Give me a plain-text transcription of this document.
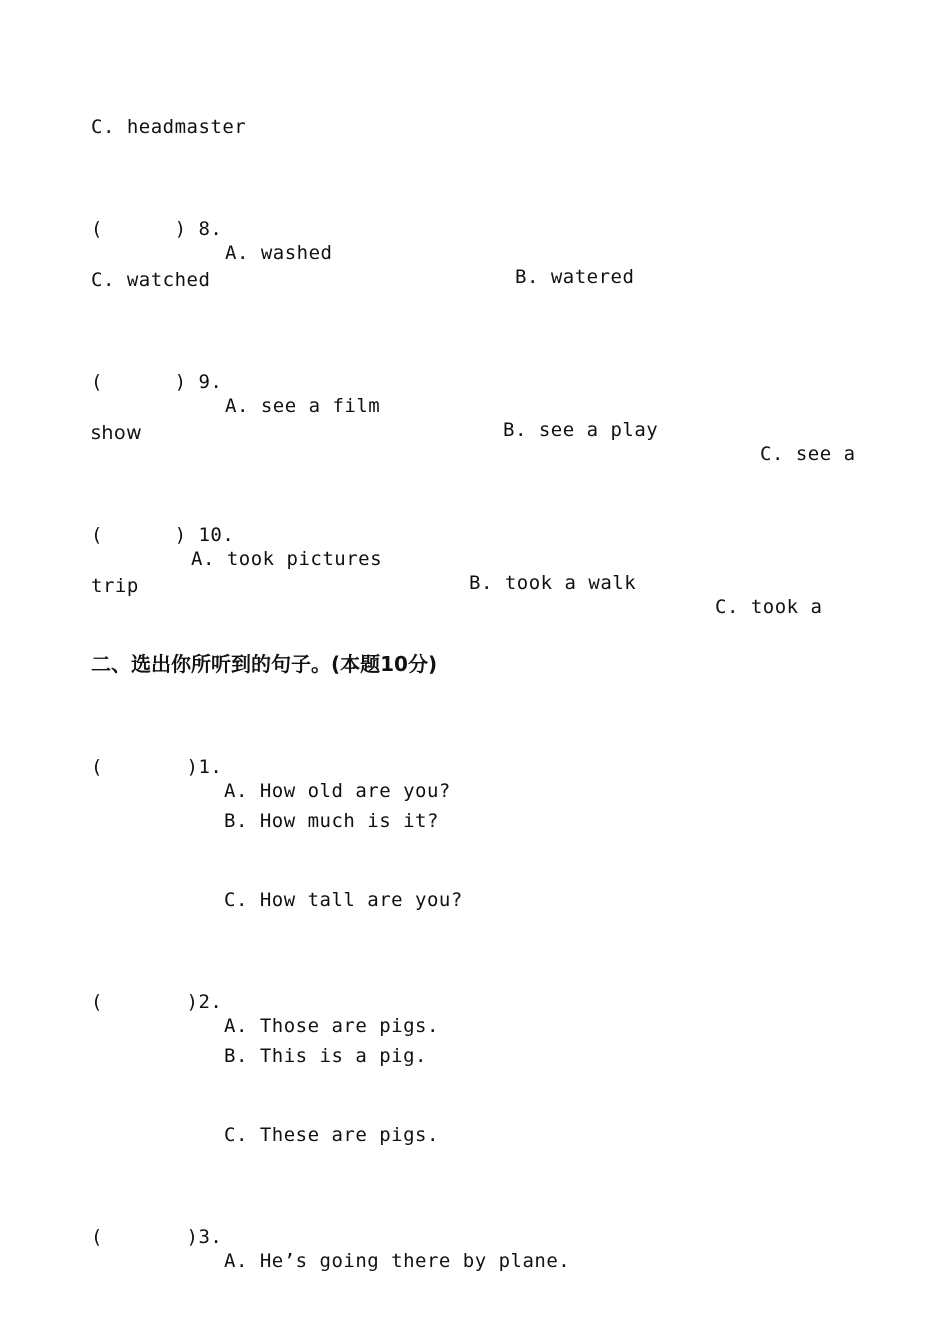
C. headmaster

(      ) 8.

A. washed

B. watered

C. watched

(      ) 9.

A. see a film

B. see a play

C. see a

show

(      ) 10.

A. took pictures

B. took a walk

C. took a

trip
二、选出你所听到的句子。(本题10分)

(       )1.

A. How old are you?

B. How much is it?
C. How tall are you?

(       )2.

A. Those are pigs.

B. This is a pig.
C. These are pigs.

(       )3.

A. He’s going there by plane.
